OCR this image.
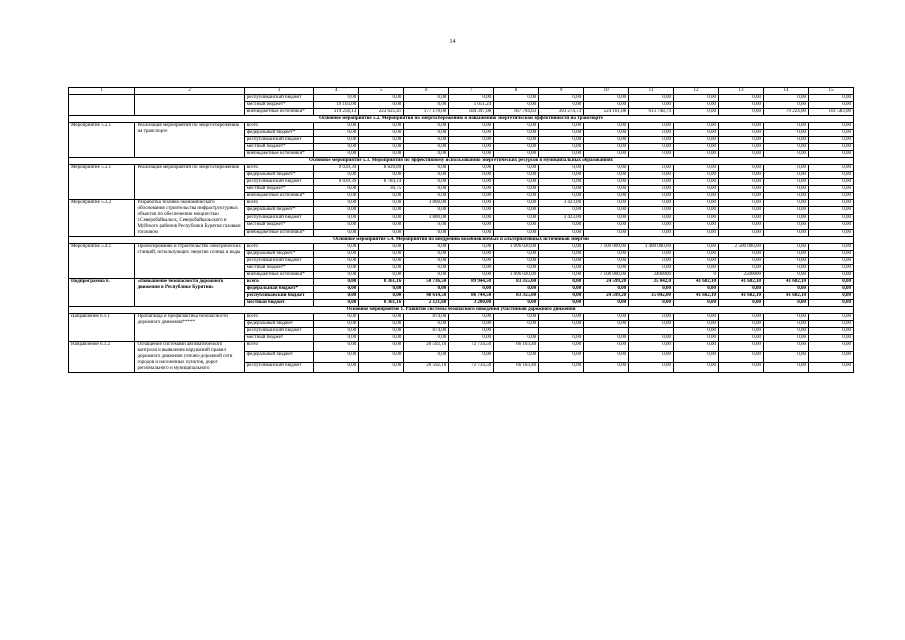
14
1	2	3	4	5	6	7	8	9	10	11	12	13	14	15
		республиканский бюджет	0,00	0,00	0,00	0,00	0,00	0,00	0,00	0,00	0,00	0,00	0,00	0,00
		местный бюджет*	19 103,00	0,00	0,00	5 051,24	0,00	0,00	0,00	0,00	0,00	0,00	0,00	0,00
		внебюджетные источники*	319 256,13	223 625,41	177 170,00	184 397,08	187 794,63	393 274,73	524 161,08	613 748,74	0,00	0,00	79 224,00	101 583,00
Основное мероприятие 5.2. Мероприятия по энергосбережению и повышению энергетической эффективности на транспорте														
Мероприятие 5.2.1	Реализация мероприятий по энергосбережению на транспорте	всего	0,00	0,00	0,00	0,00	0,00	0,00	0,00	0,00	0,00	0,00	0,00	0,00
		федеральный бюджет*	0,00	0,00	0,00	0,00	0,00	0,00	0,00	0,00	0,00	0,00	0,00	0,00
		республиканский бюджет	0,00	0,00	0,00	0,00	0,00	0,00	0,00	0,00	0,00	0,00	0,00	0,00
		местный бюджет*	0,00	0,00	0,00	0,00	0,00	0,00	0,00	0,00	0,00	0,00	0,00	0,00
		внебюджетные источники*	0,00	0,00	0,00	0,00	0,00	0,00	0,00	0,00	0,00	0,00	0,00	0,00
Основное мероприятие 5.3. Мероприятия по эффективному использованию энергетических ресурсов в муниципальных образованиях														
Мероприятие 5.3.1	Реализация мероприятий по энергосбережению	всего	9 039,39	8 820,89	0,00	0,00	0,00	0,00	0,00	0,00	0,00	0,00	0,00	0,00
		федеральный бюджет*	0,00	0,00	0,00	0,00	0,00	0,00	0,00	0,00	0,00	0,00	0,00	0,00
		республиканский бюджет	9 039,39	8 784,14	0,00	0,00	0,00	0,00	0,00	0,00	0,00	0,00	0,00	0,00
		местный бюджет*	0,00	36,75	0,00	0,00	0,00	0,00	0,00	0,00	0,00	0,00	0,00	0,00
		внебюджетные источники*	0,00	0,00	0,00	0,00	0,00	0,00	0,00	0,00	0,00	0,00	0,00	0,00
Мероприятие 5.3.2	Разработка технико-экономического обоснования строительства инфраструктурных объектов по обеспечению мощностью г.Северобайкальск, Северобайкальского и Муйского районов Республики Бурятия газовым топливом	всего	0,00	0,00	3 800,00	0,00	0,00	3 423,00	0,00	0,00	0,00	0,00	0,00	0,00
		федеральный бюджет*	0,00	0,00	0,00	0,00	0,00	0,00	0,00	0,00	0,00	0,00	0,00	0,00
		республиканский бюджет	0,00	0,00	3 800,00	0,00	0,00	3 423,00	0,00	0,00	0,00	0,00	0,00	0,00
		местный бюджет*	0,00	0,00	0,00	0,00	0,00	0,00	0,00	0,00	0,00	0,00	0,00	0,00
		внебюджетные источники*	0,00	0,00	0,00	0,00	0,00	0,00	0,00	0,00	0,00	0,00	0,00	0,00
Основное мероприятие 5.4. Мероприятия по внедрению возобновляемых и альтернативных источников энергии														
Мероприятие 5.4.1	Проектирование и строительство электрических станций, использующих энергию солнца и воды	всего	0,00	0,00	0,00	0,00	1 096 020,00	0,00	7 100 000,00	3 400 000,00	0,00	2 500 000,00	0,00	0,00
		федеральный бюджет*	0,00	0,00	0,00	0,00	0,00	0,00	0,00	0,00	0,00	0,00	0,00	0,00
		республиканский бюджет	0,00	0,00	0,00	0,00	0,00	0,00	0,00	0,00	0,00	0,00	0,00	0,00
		местный бюджет*	0,00	0,00	0,00	0,00	0,00	0,00	0,00	0,00	0,00	0,00	0,00	0,00
		внебюджетные источники*	0,00	0,00	0,00	0,00	1 096 020,00	0,00	7 100 000,00	3400000	0	2500000	0,00	0,00
Подпрограмма 6.	«Повышение безопасности дорожного движения в Республике Бурятия»	всего	0,00	8 361,16	50 736,50	89 944,50	83 355,00	0,00	24 599,20	35 042,0	41 682,10	41 682,10	41 682,10	0,00
		федеральный бюджет*	0,00	0,00	0,00	0,00	0,00	0,00	0,00	0,00	0,00	0,00	0,00	0,00
		республиканский бюджет	0,00	0,00	48 614,50	86 744,50	83 355,00	0,00	24 599,20	35 042,00	41 682,10	41 682,10	41 682,10	0,00
		местный бюджет	0,00	8 361,16	2 121,60	3 200,00	0,00	0,00	0,00	0,00	0,00	0,00	0,00	0,00
Основное мероприятие 1. Развитие системы безопасного поведения участников дорожного движения														
Направление 6.1.1	Пропаганда и профилактика безопасности дорожного движения*****	всего	0,00	0,00	874,00	0,00	0,00	0,00	0,00	0,00	0,00	0,00	0,00	0,00
		федеральный бюджет	0,00	0,00	0,00	0,00	0,00	0,00	0,00	0,00	0,00	0,00	0,00	0,00
		республиканский бюджет	0,00	0,00	874,00	0,00					0,00	0,00	0,00	0,00
		местный бюджет	0,00	0,00	0,00	0,00	0,00	0,00	0,00	0,00	0,00	0,00	0,00	0,00
Направление 6.1.2	Оснащение системами автоматического контроля и выявления нарушений правил дорожного движения улично-дорожной сети городов и населенных пунктов, дорог регионального и муниципального	всего	0,00	0,00	20 592,10	72 734,50	66 163,40	0,00	0,00	0,00	0,00	0,00	0,00	0,00
		федеральный бюджет	0,00	0,00	0,00	0,00	0,00	0,00	0,00	0,00	0,00	0,00	0,00	0,00
		республиканский бюджет	0,00	0,00	20 592,10	72 734,50	66 163,40	0,00	0,00	0,00	0,00	0,00	0,00	0,00
